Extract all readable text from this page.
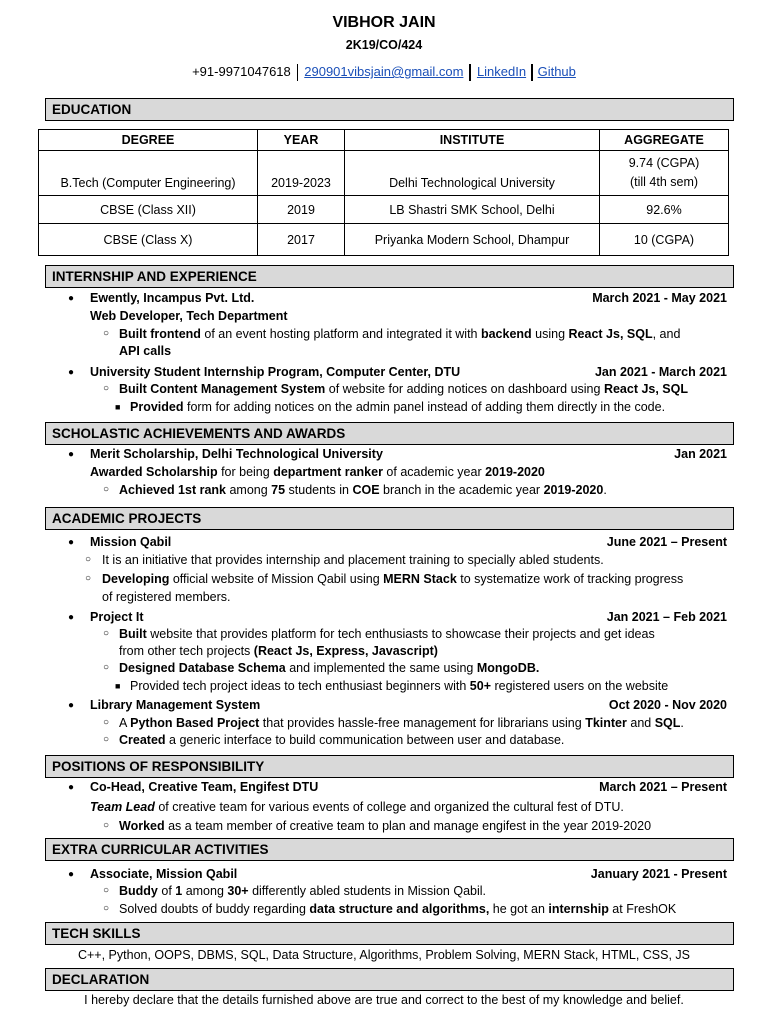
VIBHOR JAIN
2K19/CO/424
+91-9971047618 290901vibsjain@gmail.com LinkedIn Github
EDUCATION
DEGREE	YEAR	INSTITUTE	AGGREGATE
B.Tech (Computer Engineering)	2019-2023	Delhi Technological University	9.74 (CGPA)
(till 4th sem)

CBSE (Class XII)	2019	LB Shastri SMK School, Delhi	92.6%
CBSE (Class X)	2017	Priyanka Modern School, Dhampur	10 (CGPA)
INTERNSHIP AND EXPERIENCE
● Ewently, Incampus Pvt. Ltd.	March 2021 - May 2021
Web Developer, Tech Department
○ Built frontend of an event hosting platform and integrated it with backend using React Js, SQL, and
API calls
● University Student Internship Program, Computer Center, DTU	Jan 2021 - March 2021
○ Built Content Management System of website for adding notices on dashboard using React Js, SQL
■ Provided form for adding notices on the admin panel instead of adding them directly in the code.
SCHOLASTIC ACHIEVEMENTS AND AWARDS
● Merit Scholarship, Delhi Technological University	Jan 2021
Awarded Scholarship for being department ranker of academic year 2019-2020
○ Achieved 1st rank among 75 students in COE branch in the academic year 2019-2020.
ACADEMIC PROJECTS
● Mission Qabil	June 2021 – Present
○ It is an initiative that provides internship and placement training to specially abled students.
○ Developing official website of Mission Qabil using MERN Stack to systematize work of tracking progress
of registered members.
● Project It	Jan 2021 – Feb 2021
○ Built website that provides platform for tech enthusiasts to showcase their projects and get ideas
from other tech projects (React Js, Express, Javascript)
○ Designed Database Schema and implemented the same using MongoDB.
■ Provided tech project ideas to tech enthusiast beginners with 50+ registered users on the website
● Library Management System	Oct 2020 - Nov 2020
○ A Python Based Project that provides hassle-free management for librarians using Tkinter and SQL.
○ Created a generic interface to build communication between user and database.
POSITIONS OF RESPONSIBILITY
● Co-Head, Creative Team, Engifest DTU	March 2021 – Present
Team Lead of creative team for various events of college and organized the cultural fest of DTU.
○ Worked as a team member of creative team to plan and manage engifest in the year 2019-2020
EXTRA CURRICULAR ACTIVITIES
● Associate, Mission Qabil	January 2021 - Present
○ Buddy of 1 among 30+ differently abled students in Mission Qabil.
○ Solved doubts of buddy regarding data structure and algorithms, he got an internship at FreshOK
TECH SKILLS
C++, Python, OOPS, DBMS, SQL, Data Structure, Algorithms, Problem Solving, MERN Stack, HTML, CSS, JS
DECLARATION
I hereby declare that the details furnished above are true and correct to the best of my knowledge and belief.
